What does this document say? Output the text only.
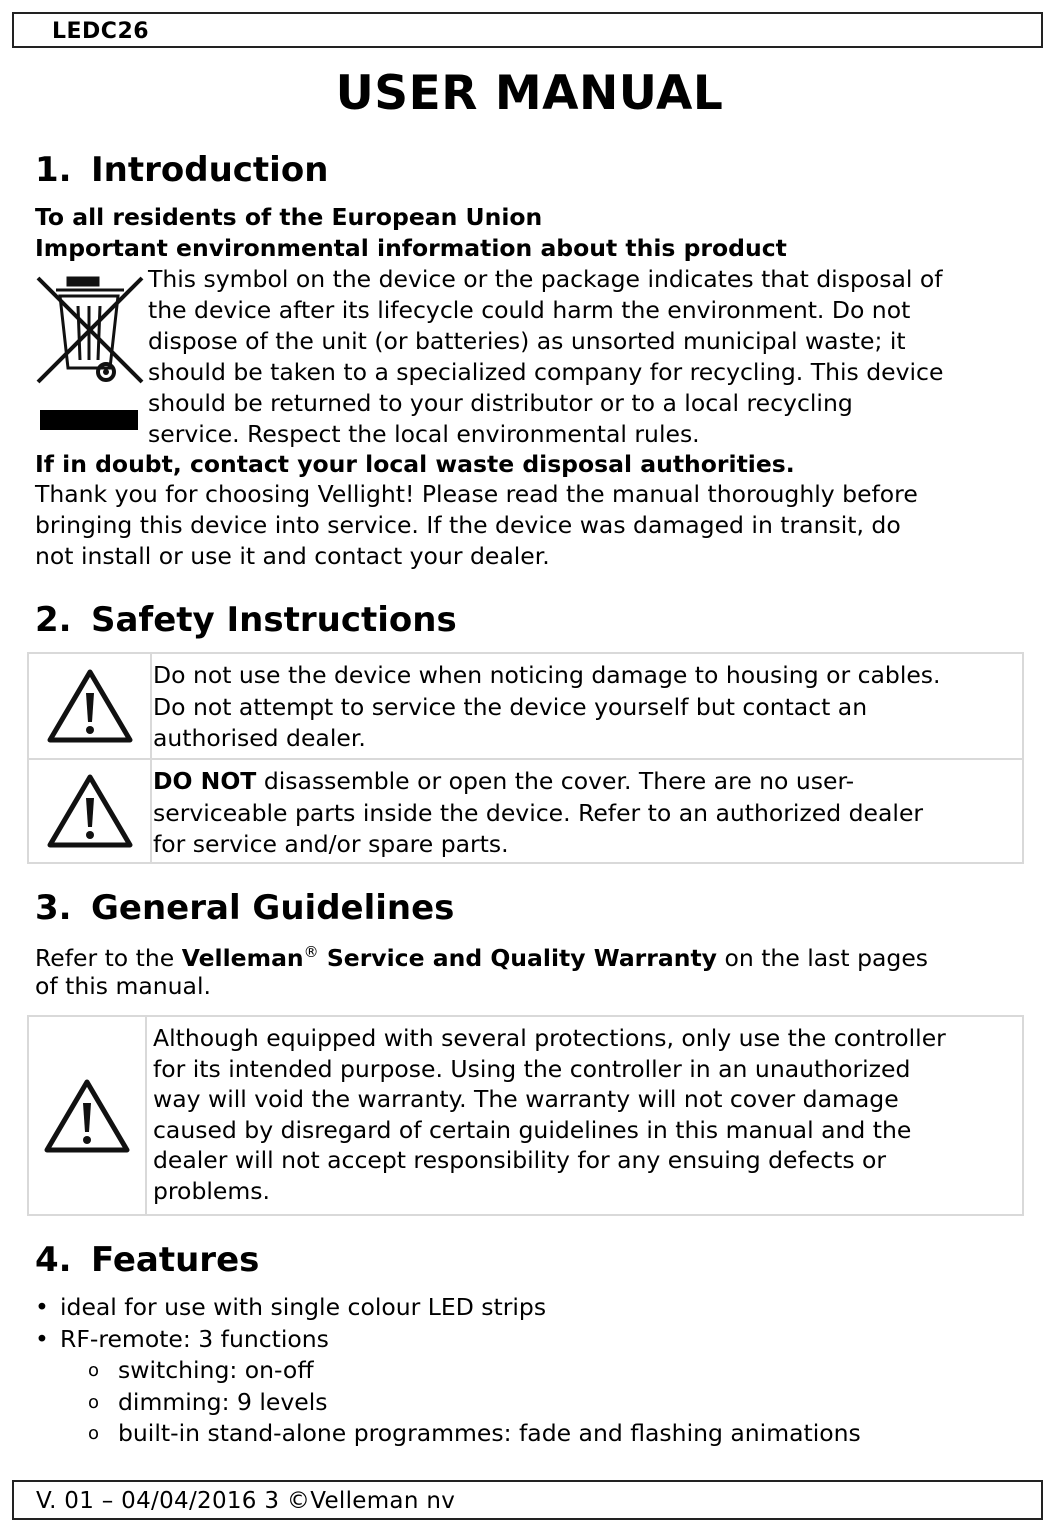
LEDC26
USER MANUAL
1. Introduction
To all residents of the European Union
Important environmental information about this product
This symbol on the device or the package indicates that disposal of
the device after its lifecycle could harm the environment. Do not
dispose of the unit (or batteries) as unsorted municipal waste; it
should be taken to a specialized company for recycling. This device
should be returned to your distributor or to a local recycling
service. Respect the local environmental rules.
If in doubt, contact your local waste disposal authorities.
Thank you for choosing Vellight! Please read the manual thoroughly before
bringing this device into service. If the device was damaged in transit, do
not install or use it and contact your dealer.
2. Safety Instructions
Do not use the device when noticing damage to housing or cables.
Do not attempt to service the device yourself but contact an
authorised dealer.
DO NOT disassemble or open the cover. There are no user-
serviceable parts inside the device. Refer to an authorized dealer
for service and/or spare parts.
3. General Guidelines
Refer to the Velleman® Service and Quality Warranty on the last pages
of this manual.
Although equipped with several protections, only use the controller
for its intended purpose. Using the controller in an unauthorized
way will void the warranty. The warranty will not cover damage
caused by disregard of certain guidelines in this manual and the
dealer will not accept responsibility for any ensuing defects or
problems.
4. Features
• ideal for use with single colour LED strips
• RF-remote: 3 functions
o switching: on-off
o dimming: 9 levels
o built-in stand-alone programmes: fade and flashing animations
V. 01 – 04/04/2016 3 ©Velleman nv
